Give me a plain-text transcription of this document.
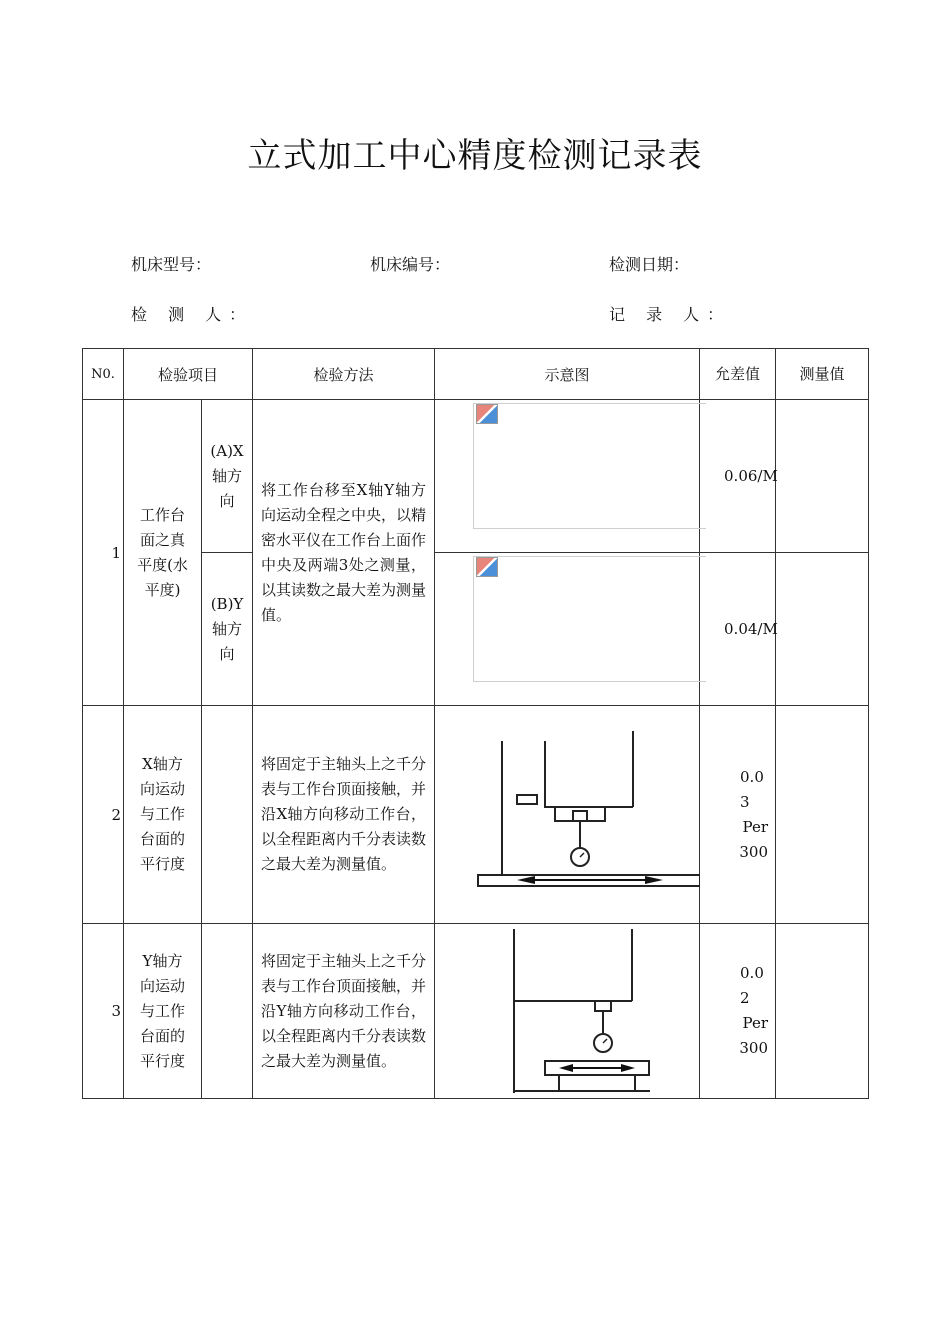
立式加工中心精度检测记录表
机床型号：	机床编号：	检测日期：
检 测 人：	记 录 人：
N0.	检验项目		检验方法	示意图	允差值	测量值
1	工作台面之真平度(水平度)	(A)X轴方向	将工作台移至X轴Y轴方向运动全程之中央，以精密水平仪在工作台上面作中央及两端3处之测量，以其读数之最大差为测量值。		0.06/M	
		(B)Y轴方向			0.04/M	
2	X轴方向运动与工作台面的平行度		将固定于主轴头上之千分表与工作台顶面接触，并沿X轴方向移动工作台，以全程距离内千分表读数之最大差为测量值。		0.03
Per 300	

3	Y轴方向运动与工作台面的平行度		将固定于主轴头上之千分表与工作台顶面接触，并沿Y轴方向移动工作台，以全程距离内千分表读数之最大差为测量值。		0.02
Per 300	
